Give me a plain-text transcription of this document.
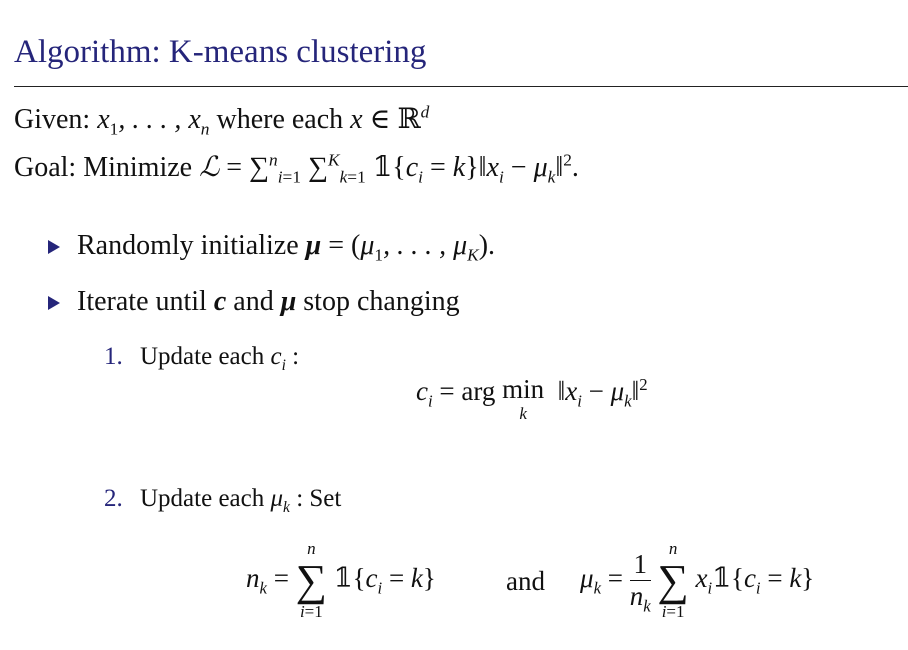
Algorithm: K-means clustering
Given: $x_1$, . . . , $x_n$ where each x ∈ ℝ$^d$
Goal: Minimize ℒ = ∑$^n_{i=1}$ ∑$^K_{k=1}$ $𝟙\{c_i$ = $k\}‖x_i$ − $\mu_k‖^2$.
Randomly initialize $\mu = (\mu_1$, . . . , $\mu_K$).
Iterate until c and μ stop changing
1. Update each $c_i$ :
$c_i$ = arg min
k
$‖x_i$ − $\mu_k‖^2$
2. Update each $\mu_k$ : Set
$n_k$ =
n
∑
i=1
$𝟙\{c_i = k\}$	and $\mu_k = \frac{1}{n_k}$

n
∑
i=1
$x_i𝟙\{c_i = k\}$
